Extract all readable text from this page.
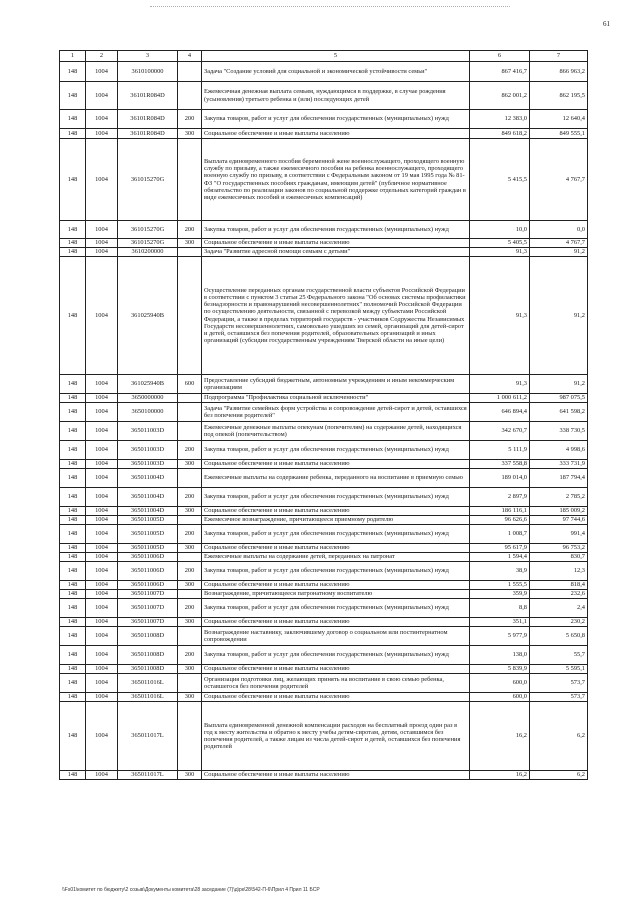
61
1	2	3	4	5	6	7
148	1004	3610100000		Задача "Создание условий для социальной и экономической устойчивости семьи"	867 416,7	866 963,2
148	1004	36101R084D		Ежемесячная денежная выплата семьям, нуждающимся в поддержке, в случае рождения (усыновления) третьего ребенка и (или) последующих детей	862 001,2	862 195,5
148	1004	36101R084D	200	Закупка товаров, работ и услуг для обеспечения государственных (муниципальных) нужд	12 383,0	12 640,4
148	1004	36101R084D	300	Социальное обеспечение и иные выплаты населению	849 618,2	849 555,1
148	1004	361015270G		Выплата единовременного пособия беременной жене военнослужащего, проходящего военную службу по призыву, а также ежемесячного пособия на ребенка военнослужащего, проходящего военную службу по призыву, в соответствии с Федеральным законом от 19 мая 1995 года № 81-ФЗ "О государственных пособиях гражданам, имеющим детей" (публичное нормативное обязательство по реализации законов по социальной поддержке отдельных категорий граждан в виде ежемесячных пособий и ежемесячных компенсаций)	5 415,5	4 767,7
148	1004	361015270G	200	Закупка товаров, работ и услуг для обеспечения государственных (муниципальных) нужд	10,0	0,0
148	1004	361015270G	300	Социальное обеспечение и иные выплаты населению	5 405,5	4 767,7
148	1004	3610200000		Задача "Развитие адресной помощи семьям с детьми"	91,3	91,2
148	1004	361025940B		Осуществление переданных органам государственной власти субъектов Российской Федерации в соответствии с пунктом 3 статьи 25 Федерального закона "Об основах системы профилактики безнадзорности и правонарушений несовершеннолетних" полномочий Российской Федерации по осуществлению деятельности, связанной с перевозкой между субъектами Российской Федерации, а также в пределах территорий государств - участников Содружества Независимых Государств несовершеннолетних, самовольно ушедших из семей, организаций для детей-сирот и детей, оставшихся без попечения родителей, образовательных организаций и иных организаций (субсидии государственным учреждениям Тверской области на иные цели)	91,3	91,2
148	1004	361025940B	600	Предоставление субсидий бюджетным, автономным учреждениям и иным некоммерческим организациям	91,3	91,2
148	1004	3650000000		Подпрограмма "Профилактика социальной исключенности"	1 000 611,2	987 075,5
148	1004	3650100000		Задача "Развитие семейных форм устройства и сопровождение детей-сирот и детей, оставшихся без попечения родителей"	646 894,4	641 598,2
148	1004	365011003D		Ежемесячные денежные выплаты опекунам (попечителям) на содержание детей, находящихся под опекой (попечительством)	342 670,7	338 730,5
148	1004	365011003D	200	Закупка товаров, работ и услуг для обеспечения государственных (муниципальных) нужд	5 111,9	4 998,6
148	1004	365011003D	300	Социальное обеспечение и иные выплаты населению	337 558,8	333 731,9
148	1004	365011004D		Ежемесячные выплаты на содержание ребенка, переданного на воспитание в приемную семью	189 014,0	187 794,4
148	1004	365011004D	200	Закупка товаров, работ и услуг для обеспечения государственных (муниципальных) нужд	2 897,9	2 785,2
148	1004	365011004D	300	Социальное обеспечение и иные выплаты населению	186 116,1	185 009,2
148	1004	365011005D		Ежемесячное вознаграждение, причитающееся приемному родителю	96 626,6	97 744,6
148	1004	365011005D	200	Закупка товаров, работ и услуг для обеспечения государственных (муниципальных) нужд	1 008,7	991,4
148	1004	365011005D	300	Социальное обеспечение и иные выплаты населению	95 617,9	96 753,2
148	1004	365011006D		Ежемесячные выплаты на содержание детей, переданных на патронат	1 594,4	830,7
148	1004	365011006D	200	Закупка товаров, работ и услуг для обеспечения государственных (муниципальных) нужд	38,9	12,3
148	1004	365011006D	300	Социальное обеспечение и иные выплаты населению	1 555,5	818,4
148	1004	365011007D		Вознаграждение, причитающееся патронатному воспитателю	359,9	232,6
148	1004	365011007D	200	Закупка товаров, работ и услуг для обеспечения государственных (муниципальных) нужд	8,8	2,4
148	1004	365011007D	300	Социальное обеспечение и иные выплаты населению	351,1	230,2
148	1004	365011008D		Вознаграждение наставнику, заключившему договор о социальном или постинтернатном сопровождении	5 977,9	5 650,8
148	1004	365011008D	200	Закупка товаров, работ и услуг для обеспечения государственных (муниципальных) нужд	138,0	55,7
148	1004	365011008D	300	Социальное обеспечение и иные выплаты населению	5 839,9	5 595,1
148	1004	365011016L		Организация подготовки лиц, желающих принять на воспитание в свою семью ребенка, оставшегося без попечения родителей	600,0	573,7
148	1004	365011016L	300	Социальное обеспечение и иные выплаты населению	600,0	573,7
148	1004	365011017L		Выплата единовременной денежной компенсации расходов на бесплатный проезд один раз в год к месту жительства и обратно к месту учебы детям-сиротам, детям, оставшимся без попечения родителей, а также лицам из числа детей-сирот и детей, оставшихся без попечения родителей	16,2	6,2
148	1004	365011017L	300	Социальное обеспечение и иные выплаты населению	16,2	6,2
\\Fs01\комитет по бюджету\2 созыв\Документы комитета\28 заседание (7)\д\рк\28\542-П-6\Прил 4 Прил 11 БСР
